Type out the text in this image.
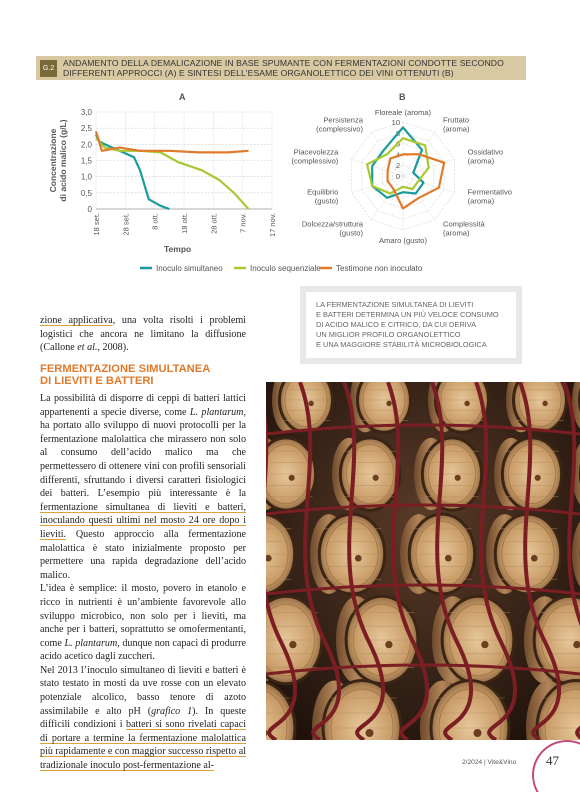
G.2	ANDAMENTO DELLA DEMALICAZIONE IN BASE SPUMANTE CON FERMENTAZIONI CONDOTTE SECONDO
DIFFERENTI APPROCCI (A) E SINTESI DELL'ESAME ORGANOLETTICO DEI VINI OTTENUTI (B)
A
0
0,5
1,0
1,5
2,0
2,5
3,0
18 set.	28 set.	8 ott.	18 ott.	28 ott.	7 nov.	17 nov.
Concentrazionedi acido malico (g/L)
Tempo
B
0
2
4
6
8
10
Floreale (aroma)
Fruttato (aroma)
Ossidativo (aroma)
Fermentativo (aroma)
Complessità (aroma)
Amaro (gusto)
Dolcezza/struttura (gusto)
Equilibrio (gusto)
Piacevolezza (complessivo)
Persistenza (complessivo)
Inoculo simultaneo	Inoculo sequenziale Testimone non inoculato
LA FERMENTAZIONE SIMULTANEA DI LIEVITI
E BATTERI DETERMINA UN PIÙ VELOCE CONSUMO
DI ACIDO MALICO E CITRICO, DA CUI DERIVA
UN MIGLIOR PROFILO ORGANOLETTICO
E UNA MAGGIORE STABILITÀ MICROBIOLOGICA

zione applicativa, una volta risolti i problemi logistici che ancora ne limitano la diffusione (Callone et al., 2008).

FERMENTAZIONE SIMULTANEA
DI LIEVITI E BATTERI

La possibilità di disporre di ceppi di batteri lattici appartenenti a specie diverse, come L. plantarum, ha portato allo sviluppo di nuovi protocolli per la fermentazione malolattica che mirassero non solo al consumo dell’acido malico ma che permettessero di ottenere vini con profili sensoriali differenti, sfruttando i diversi caratteri fisiologici dei batteri. L’esempio più interessante è la fermentazione simultanea di lieviti e batteri, inoculando questi ultimi nel mosto 24 ore dopo i lieviti. Questo approccio alla fermentazione malolattica è stato inizialmente proposto per permettere una rapida degradazione dell’acido malico.

L’idea è semplice: il mosto, povero in etanolo e ricco in nutrienti è un’ambiente favorevole allo sviluppo microbico, non solo per i lieviti, ma anche per i batteri, soprattutto se omofermentanti, come L. plantarum, dunque non capaci di produrre acido acetico dagli zuccheri.

Nel 2013 l’inoculo simultaneo di lieviti e batteri è stato testato in mosti da uve rosse con un elevato potenziale alcolico, basso tenore di azoto assimilabile e alto pH (grafico 1). In queste difficili condizioni i batteri si sono rivelati capaci di portare a termine la fermentazione malolattica più rapidamente e con maggior successo rispetto al tradizionale inoculo post-fermentazione al-	2/2024 | Vite&Vino 47
